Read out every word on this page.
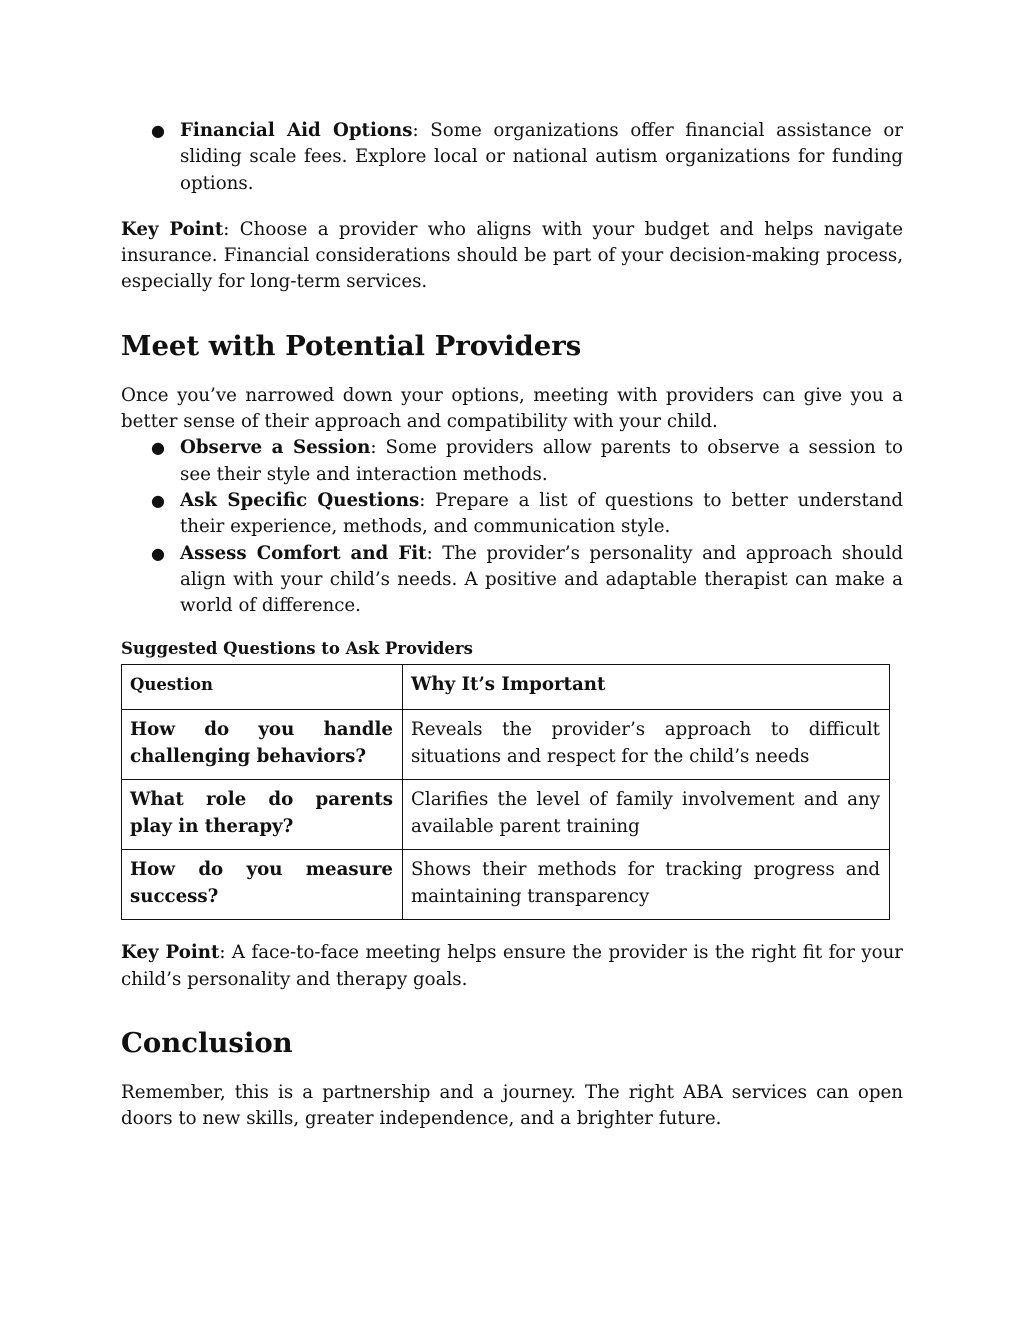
● Financial Aid Options: Some organizations offer financial assistance or sliding scale fees. Explore local or national autism organizations for funding options.

Key Point: Choose a provider who aligns with your budget and helps navigate insurance. Financial considerations should be part of your decision-making process, especially for long-term services.

Meet with Potential Providers

Once you’ve narrowed down your options, meeting with providers can give you a better sense of their approach and compatibility with your child.

● Observe a Session: Some providers allow parents to observe a session to see their style and interaction methods.
● Ask Specific Questions: Prepare a list of questions to better understand their experience, methods, and communication style.
● Assess Comfort and Fit: The provider’s personality and approach should align with your child’s needs. A positive and adaptable therapist can make a world of difference.
Suggested Questions to Ask Providers
Question	Why It’s Important
How do you handle challenging behaviors?	Reveals the provider’s approach to difficult situations and respect for the child’s needs
What role do parents play in therapy?	Clarifies the level of family involvement and any available parent training
How do you measure success?	Shows their methods for tracking progress and maintaining transparency

Key Point: A face-to-face meeting helps ensure the provider is the right fit for your child’s personality and therapy goals.

Conclusion

Remember, this is a partnership and a journey. The right ABA services can open doors to new skills, greater independence, and a brighter future.
